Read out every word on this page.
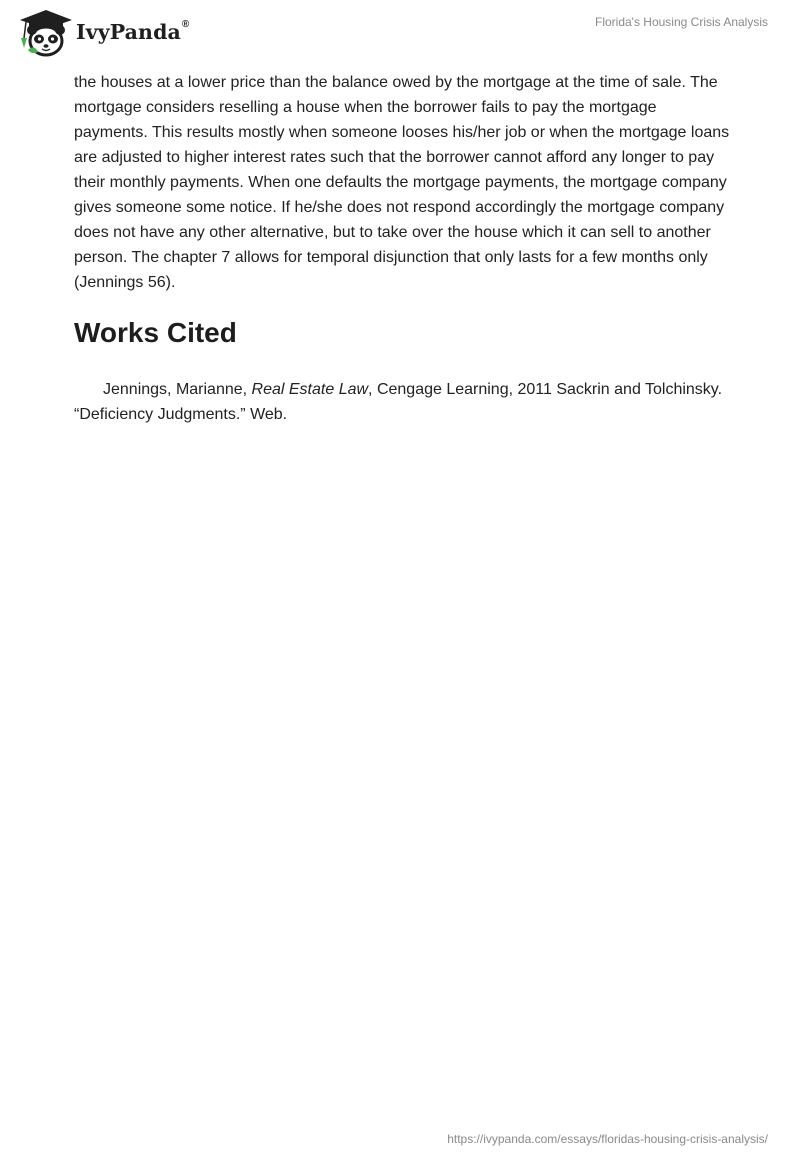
IvyPanda®	Florida's Housing Crisis Analysis

the houses at a lower price than the balance owed by the mortgage at the time of sale. The mortgage considers reselling a house when the borrower fails to pay the mortgage payments. This results mostly when someone looses his/her job or when the mortgage loans are adjusted to higher interest rates such that the borrower cannot afford any longer to pay their monthly payments. When one defaults the mortgage payments, the mortgage company gives someone some notice. If he/she does not respond accordingly the mortgage company does not have any other alternative, but to take over the house which it can sell to another person. The chapter 7 allows for temporal disjunction that only lasts for a few months only (Jennings 56).

Works Cited

Jennings, Marianne, Real Estate Law, Cengage Learning, 2011 Sackrin and Tolchinsky. “Deficiency Judgments.” Web.

https://ivypanda.com/essays/floridas-housing-crisis-analysis/
